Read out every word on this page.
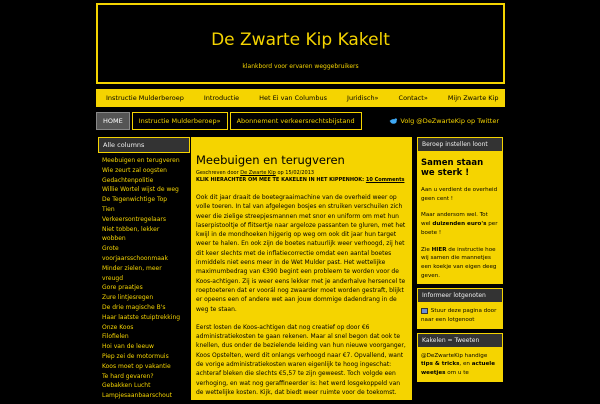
De Zwarte Kip Kakelt
klankbord voor ervaren weggebruikers
Instructie Mulderberoep	Introductie	Het Ei van Columbus	Juridisch»	Contact»	Mijn Zwarte Kip
HOME	Instructie Mulderberoep»	Abonnement verkeersrechtsbijstand	Volg @DeZwarteKip op Twitter
Alle columns
Meebuigen en terugveren
Wie zeurt zal oogsten
Gedachtenpolitie
Willie Wortel wijst de weg
De Tegenwichtige Top
Tien
Verkeersontregelaars
Niet tobben, lekker
wobben
Grote
voorjaarsschoonmaak
Minder zielen, meer
vreugd
Gore praatjes
Zure lintjesregen
De drie magische B's
Haar laatste stuiptrekking
Onze Koos
Filofielen
Hoi van de leeuw
Piep zei de motormuis
Koos moet op vakantie
Te hard gevaren?
Gebakken Lucht
Lampjesaanbaarschout
Meebuigen en terugveren
Geschreven door De Zwarte Kip op 15/02/2013
KLIK HIERACHTER OM MEE TE KAKELEN IN HET KIPPENHOK: 10 Comments

Ook dit jaar draait de boetegraaimachine van de overheid weer op volle toeren. In tal van afgelegen bosjes en struiken verschuilen zich weer die zielige streepjesmannen met snor en uniform om met hun laserpistooltje of flitsertje naar argeloze passanten te gluren, met het kwijl in de mondhoeken hijgerig op weg om ook dit jaar hun target weer te halen. En ook zijn de boetes natuurlijk weer verhoogd, zij het dit keer slechts met de inflatiecorrectie omdat een aantal boetes inmiddels niet eens meer in de Wet Mulder past. Het wettelijke maximumbedrag van €390 begint een probleem te worden voor de Koos-achtigen. Zij is weer eens lekker met je anderhalve hersencel te roeptoeteren dat er voorál nog zwaarder moet worden gestraft, blijkt er opeens een of andere wet aan jouw dommige dadendrang in de weg te staan.

Eerst losten de Koos-achtigen dat nog creatief op door €6 administratiekosten te gaan rekenen. Maar al snel begon dat ook te knellen, dus onder de bezielende leiding van hun nieuwe voorganger, Koos Opstelten, werd dit onlangs verhoogd naar €7. Opvallend, want de vorige administratiekosten waren eigenlijk te hoog ingeschat: achteraf bleken die slechts €5,57 te zijn geweest. Toch volgde een verhoging, en wat nog geraffineerder is: het werd losgekoppeld van de wettelijke kosten. Kijk, dat biedt weer ruimte voor de toekomst.

Beroep instellen loont
Samen staan we sterk !
Aan u verdient de overheid geen cent !
Maar andersom wel. Tot wel duizenden euro's per boete !
Zie HIER de instructie hoe wij samen die mannetjes een koekje van eigen deeg geven.
Informeer lotgenoten
Stuur deze pagina door naar een lotgenoot
Kakelen = Tweeten
@DeZwarteKip handige tips & tricks, en actuele weetjes om u te
